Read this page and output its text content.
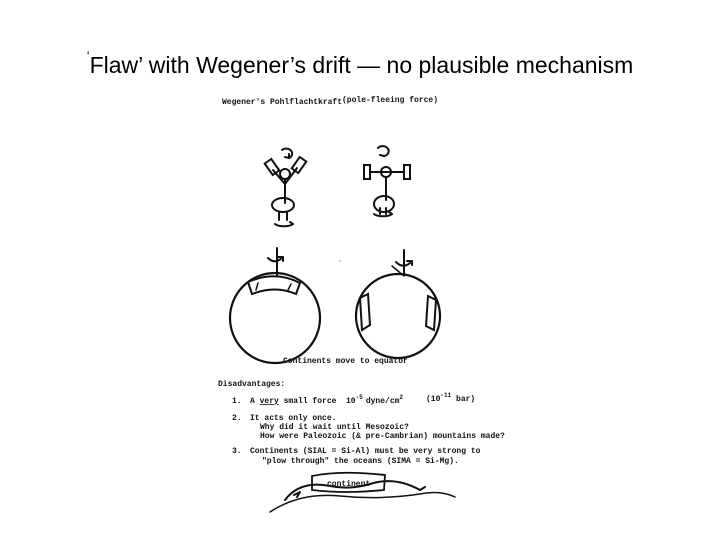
‘Flaw’ with Wegener’s drift — no plausible mechanism
Wegener's Pohlflachtkraft (pole-fleeing force)
Continents move to equator
Disadvantages:
1. A very small force $10^{-5}$ dyne/$cm^2$	($10^{-11}$ bar)
2. It acts only once.
Why did it wait until Mesozoic?
How were Paleozoic (& pre-Cambrian) mountains made?
3. Continents (SIAL = Si-Al) must be very strong to
"plow through" the oceans (SIMA = Si-Mg).
continent
